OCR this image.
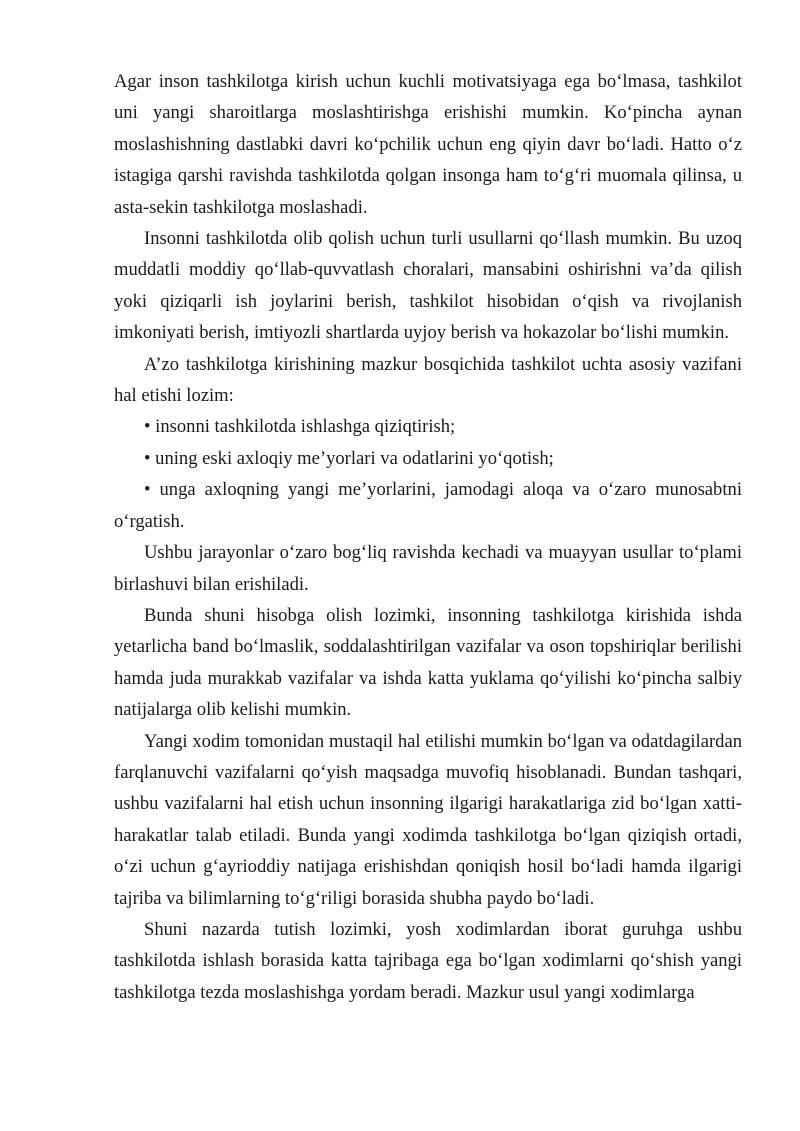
Agar inson tashkilotga kirish uchun kuchli motivatsiyaga ega bo‘lmasa, tashkilot uni yangi sharoitlarga moslashtirishga erishishi mumkin. Ko‘pincha aynan moslashishning dastlabki davri ko‘pchilik uchun eng qiyin davr bo‘ladi. Hatto o‘z istagiga qarshi ravishda tashkilotda qolgan insonga ham to‘g‘ri muomala qilinsa, u asta-sekin tashkilotga moslashadi.

Insonni tashkilotda olib qolish uchun turli usullarni qo‘llash mumkin. Bu uzoq muddatli moddiy qo‘llab-quvvatlash choralari, mansabini oshirishni va’da qilish yoki qiziqarli ish joylarini berish, tashkilot hisobidan o‘qish va rivojlanish imkoniyati berish, imtiyozli shartlarda uyjoy berish va hokazolar bo‘lishi mumkin.

A’zo tashkilotga kirishining mazkur bosqichida tashkilot uchta asosiy vazifani hal etishi lozim:

• insonni tashkilotda ishlashga qiziqtirish;

• uning eski axloqiy me’yorlari va odatlarini yo‘qotish;

• unga axloqning yangi me’yorlarini, jamodagi aloqa va o‘zaro munosabtni o‘rgatish.

Ushbu jarayonlar o‘zaro bog‘liq ravishda kechadi va muayyan usullar to‘plami birlashuvi bilan erishiladi.

Bunda shuni hisobga olish lozimki, insonning tashkilotga kirishida ishda yetarlicha band bo‘lmaslik, soddalashtirilgan vazifalar va oson topshiriqlar berilishi hamda juda murakkab vazifalar va ishda katta yuklama qo‘yilishi ko‘pincha salbiy natijalarga olib kelishi mumkin.

Yangi xodim tomonidan mustaqil hal etilishi mumkin bo‘lgan va odatdagilardan farqlanuvchi vazifalarni qo‘yish maqsadga muvofiq hisoblanadi. Bundan tashqari, ushbu vazifalarni hal etish uchun insonning ilgarigi harakatlariga zid bo‘lgan xatti-harakatlar talab etiladi. Bunda yangi xodimda tashkilotga bo‘lgan qiziqish ortadi, o‘zi uchun g‘ayrioddiy natijaga erishishdan qoniqish hosil bo‘ladi hamda ilgarigi tajriba va bilimlarning to‘g‘riligi borasida shubha paydo bo‘ladi.

Shuni nazarda tutish lozimki, yosh xodimlardan iborat guruhga ushbu tashkilotda ishlash borasida katta tajribaga ega bo‘lgan xodimlarni qo‘shish yangi tashkilotga tezda moslashishga yordam beradi. Mazkur usul yangi xodimlarga
